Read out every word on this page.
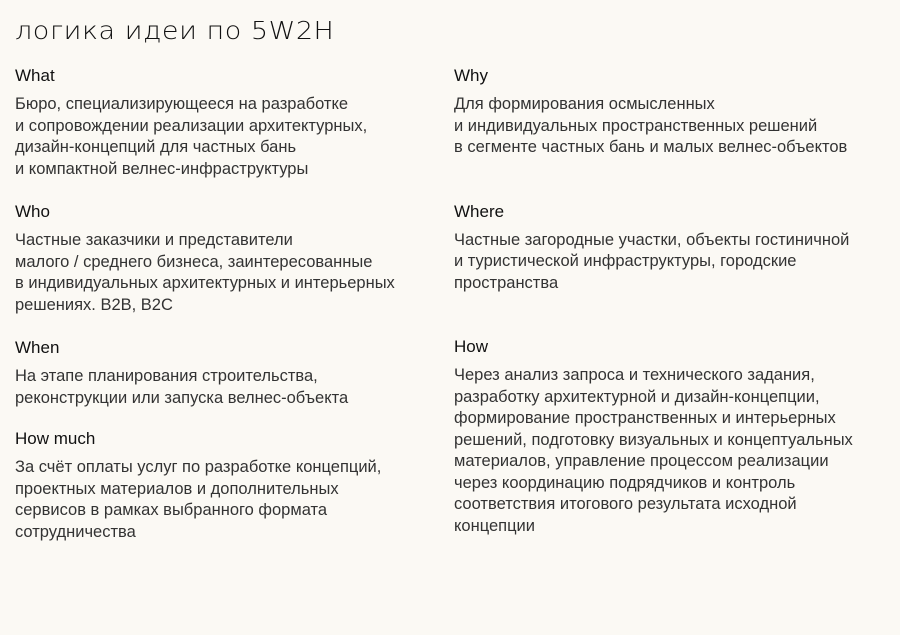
логика идеи по 5W2H
What

Бюро, специализирующееся на разработке
и сопровождении реализации архитектурных,
дизайн-концепций для частных бань
и компактной велнес-инфраструктуры

Who

Частные заказчики и представители
малого / среднего бизнеса, заинтересованные
в индивидуальных архитектурных и интерьерных
решениях. B2B, B2C

When

На этапе планирования строительства,
реконструкции или запуска велнес-объекта

How much

За счёт оплаты услуг по разработке концепций,
проектных материалов и дополнительных
сервисов в рамках выбранного формата
сотрудничества

Why

Для формирования осмысленных
и индивидуальных пространственных решений
в сегменте частных бань и малых велнес-объектов

Where

Частные загородные участки, объекты гостиничной
и туристической инфраструктуры, городские
пространства

How

Через анализ запроса и технического задания,
разработку архитектурной и дизайн-концепции,
формирование пространственных и интерьерных
решений, подготовку визуальных и концептуальных
материалов, управление процессом реализации
через координацию подрядчиков и контроль
соответствия итогового результата исходной
концепции
